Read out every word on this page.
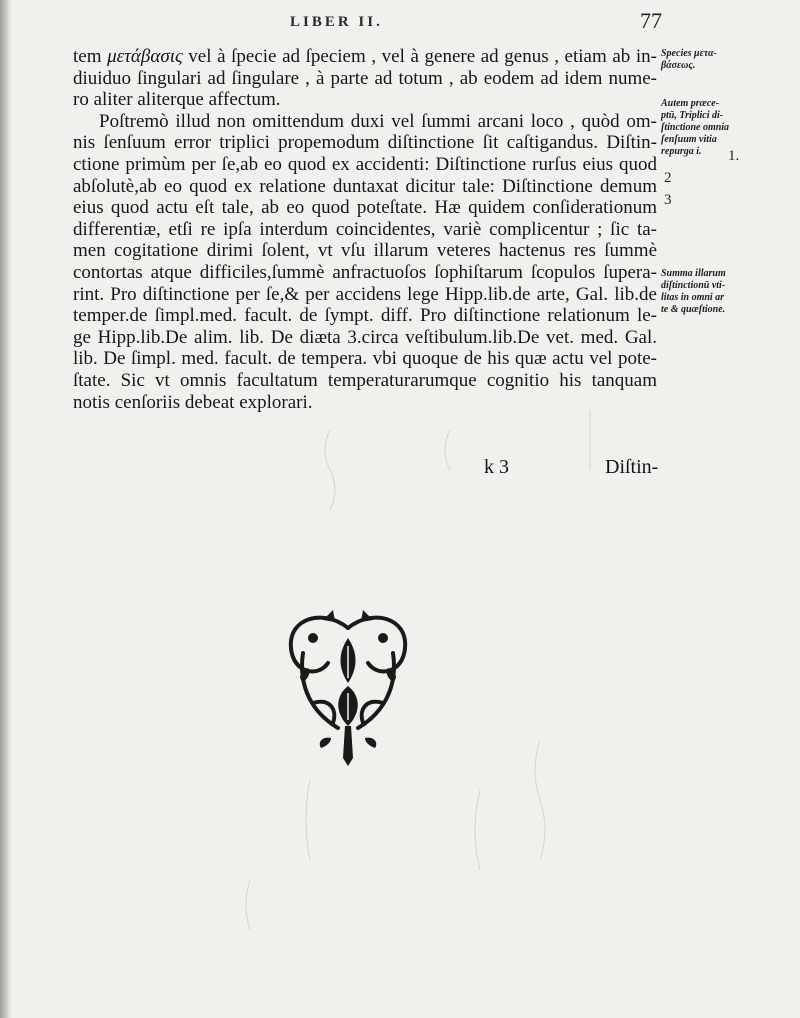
LIBER II.	77
tem μετάβασις vel à ſpecie ad ſpeciem , vel à genere ad genus , etiam ab in-
diuiduo ſingulari ad ſingulare , à parte ad totum , ab eodem ad idem nume-
ro aliter aliterque affectum.
Poſtremò illud non omittendum duxi vel ſummi arcani loco , quòd om-
nis ſenſuum error triplici propemodum diſtinctione ſit caſtigandus. Diſtin-
ctione primùm per ſe,ab eo quod ex accidenti: Diſtinctione rurſus eius quod
abſolutè,ab eo quod ex relatione duntaxat dicitur tale: Diſtinctione demum
eius quod actu eſt tale, ab eo quod poteſtate. Hæ quidem conſiderationum
differentiæ, etſi re ipſa interdum coincidentes, variè complicentur ; ſic ta-
men cogitatione dirimi ſolent, vt vſu illarum veteres hactenus res ſummè
contortas atque difficiles,ſummè anfractuoſos ſophiſtarum ſcopulos ſupera-
rint. Pro diſtinctione per ſe,& per accidens lege Hipp.lib.de arte, Gal. lib.de
temper.de ſimpl.med. facult. de ſympt. diff. Pro diſtinctione relationum le-
ge Hipp.lib.De alim. lib. De diæta 3.circa veſtibulum.lib.De vet. med. Gal.
lib. De ſimpl. med. facult. de tempera. vbi quoque de his quæ actu vel pote-
ſtate. Sic vt omnis facultatum temperaturarumque cognitio his tanquam
notis cenſoriis debeat explorari.
Species μετα-
βάσεως.
Autem præce-
ptū, Triplici di-
ſtinctione omnia
ſenſuum vitia
repurga i.	1.
2
3
Summa illarum
diſtinctionū vti-
litas in omni ar
te & quæſtione.
k 3	Diſtin-
